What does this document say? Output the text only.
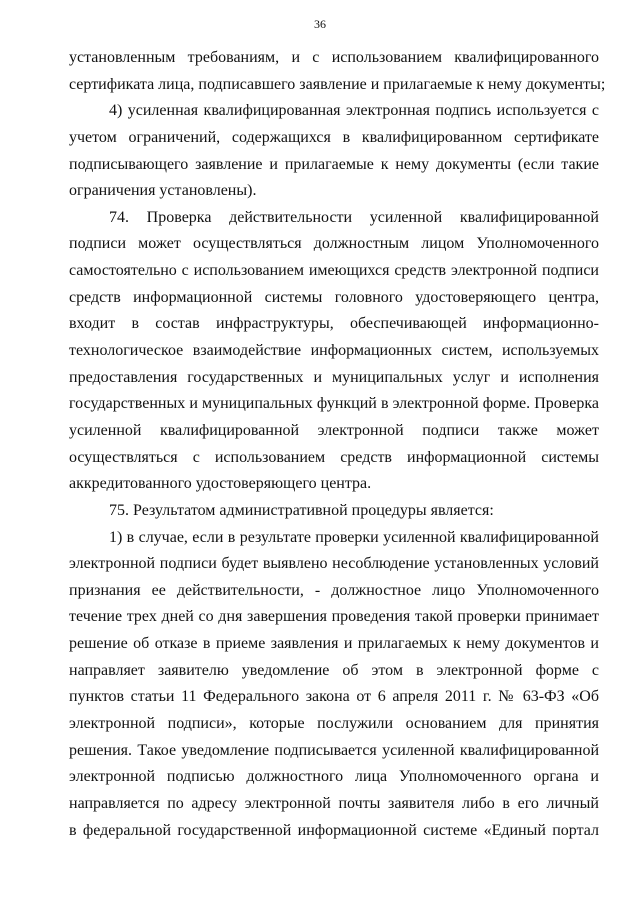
36
установленным требованиям, и с использованием квалифицированного
сертификата лица, подписавшего заявление и прилагаемые к нему документы;
4) усиленная квалифицированная электронная подпись используется с
учетом ограничений, содержащихся в квалифицированном сертификате
подписывающего заявление и прилагаемые к нему документы (если такие
ограничения установлены).
74. Проверка действительности усиленной квалифицированной
подписи может осуществляться должностным лицом Уполномоченного
самостоятельно с использованием имеющихся средств электронной подписи
средств информационной системы головного удостоверяющего центра,
входит в состав инфраструктуры, обеспечивающей информационно-
технологическое взаимодействие информационных систем, используемых
предоставления государственных и муниципальных услуг и исполнения
государственных и муниципальных функций в электронной форме. Проверка
усиленной квалифицированной электронной подписи также может
осуществляться с использованием средств информационной системы
аккредитованного удостоверяющего центра.
75. Результатом административной процедуры является:
1) в случае, если в результате проверки усиленной квалифицированной
электронной подписи будет выявлено несоблюдение установленных условий
признания ее действительности, - должностное лицо Уполномоченного
течение трех дней со дня завершения проведения такой проверки принимает
решение об отказе в приеме заявления и прилагаемых к нему документов и
направляет заявителю уведомление об этом в электронной форме с
пунктов статьи 11 Федерального закона от 6 апреля 2011 г. № 63-ФЗ «Об
электронной подписи», которые послужили основанием для принятия
решения. Такое уведомление подписывается усиленной квалифицированной
электронной подписью должностного лица Уполномоченного органа и
направляется по адресу электронной почты заявителя либо в его личный
в федеральной государственной информационной системе «Единый портал
